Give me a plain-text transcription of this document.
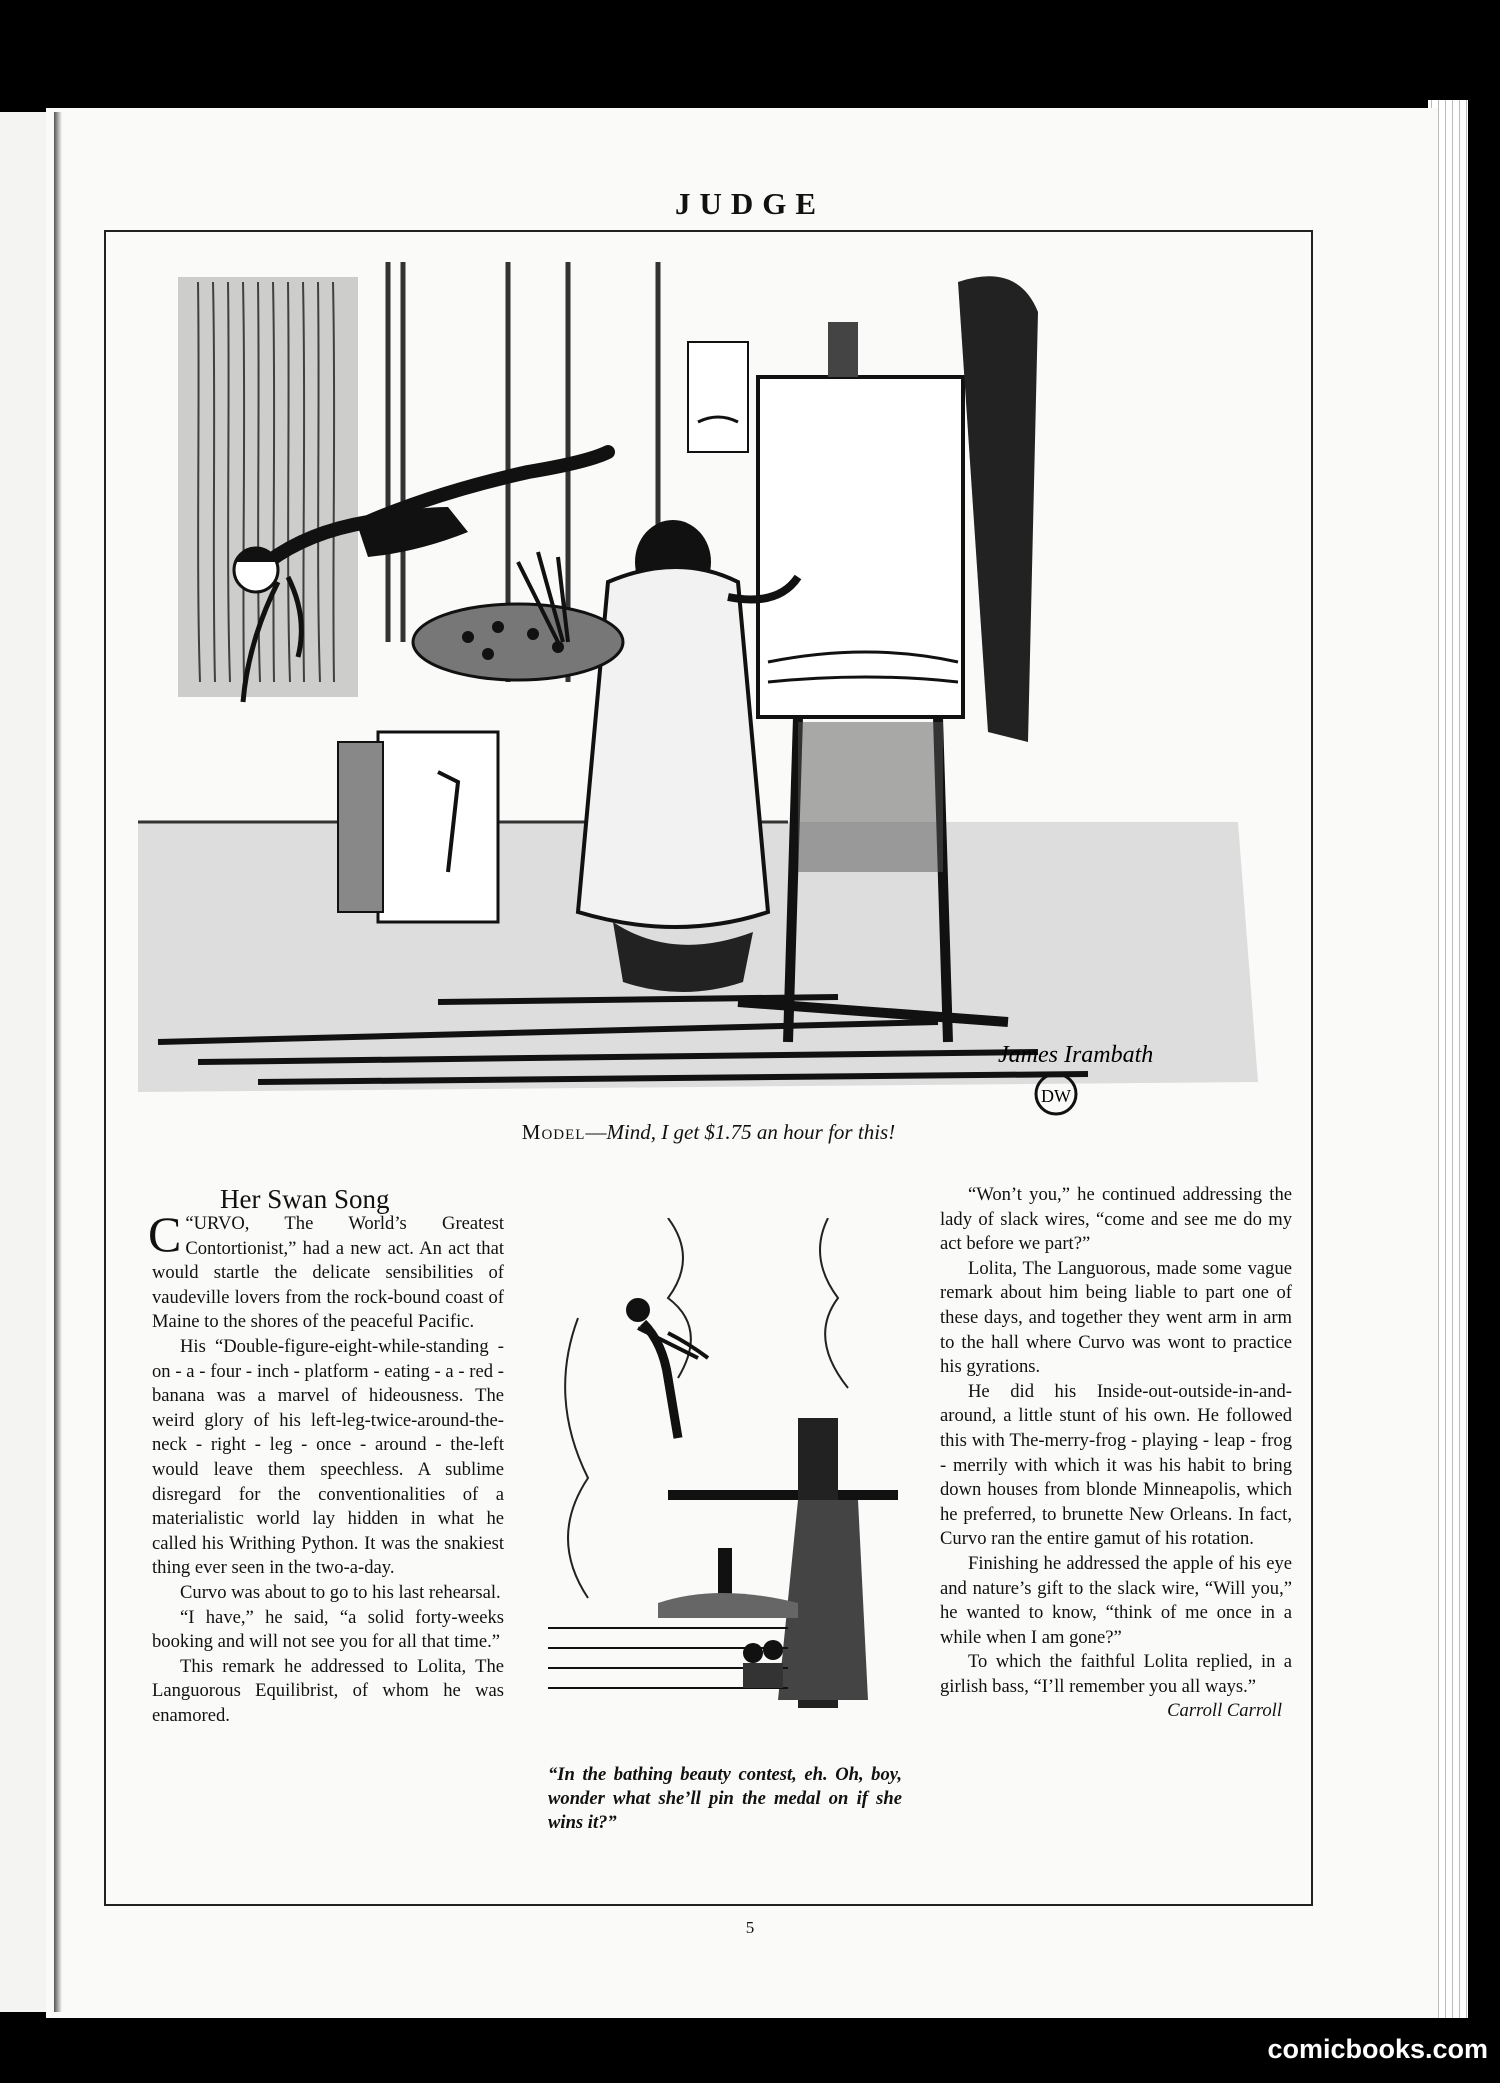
JUDGE
James Irambath
DW
Model—Mind, I get $1.75 an hour for this!
Her Swan Song

C “URVO, The World’s Greatest Contortionist,” had a new act. An act that would startle the delicate sensibilities of vaudeville lovers from the rock-bound coast of Maine to the shores of the peaceful Pacific.

His “Double-figure-eight-while-standing - on - a - four - inch - platform - eating - a - red - banana was a marvel of hideousness. The weird glory of his left-leg-twice-around-the-neck - right - leg - once - around - the-left would leave them speechless. A sublime disregard for the conventionalities of a materialistic world lay hidden in what he called his Writhing Python. It was the snakiest thing ever seen in the two-a-day.

Curvo was about to go to his last rehearsal.

“I have,” he said, “a solid forty-weeks booking and will not see you for all that time.”

This remark he addressed to Lolita, The Languorous Equilibrist, of whom he was enamored.

“In the bathing beauty contest, eh. Oh, boy, wonder what she’ll pin the medal on if she wins it?”

“Won’t you,” he continued addressing the lady of slack wires, “come and see me do my act before we part?”

Lolita, The Languorous, made some vague remark about him being liable to part one of these days, and together they went arm in arm to the hall where Curvo was wont to practice his gyrations.

He did his Inside-out-outside-in-and-around, a little stunt of his own. He followed this with The-merry-frog - playing - leap - frog - merrily with which it was his habit to bring down houses from blonde Minneapolis, which he preferred, to brunette New Orleans. In fact, Curvo ran the entire gamut of his rotation.

Finishing he addressed the apple of his eye and nature’s gift to the slack wire, “Will you,” he wanted to know, “think of me once in a while when I am gone?”

To which the faithful Lolita replied, in a girlish bass, “I’ll remember you all ways.”
Carroll Carroll

5
comicbooks.com
